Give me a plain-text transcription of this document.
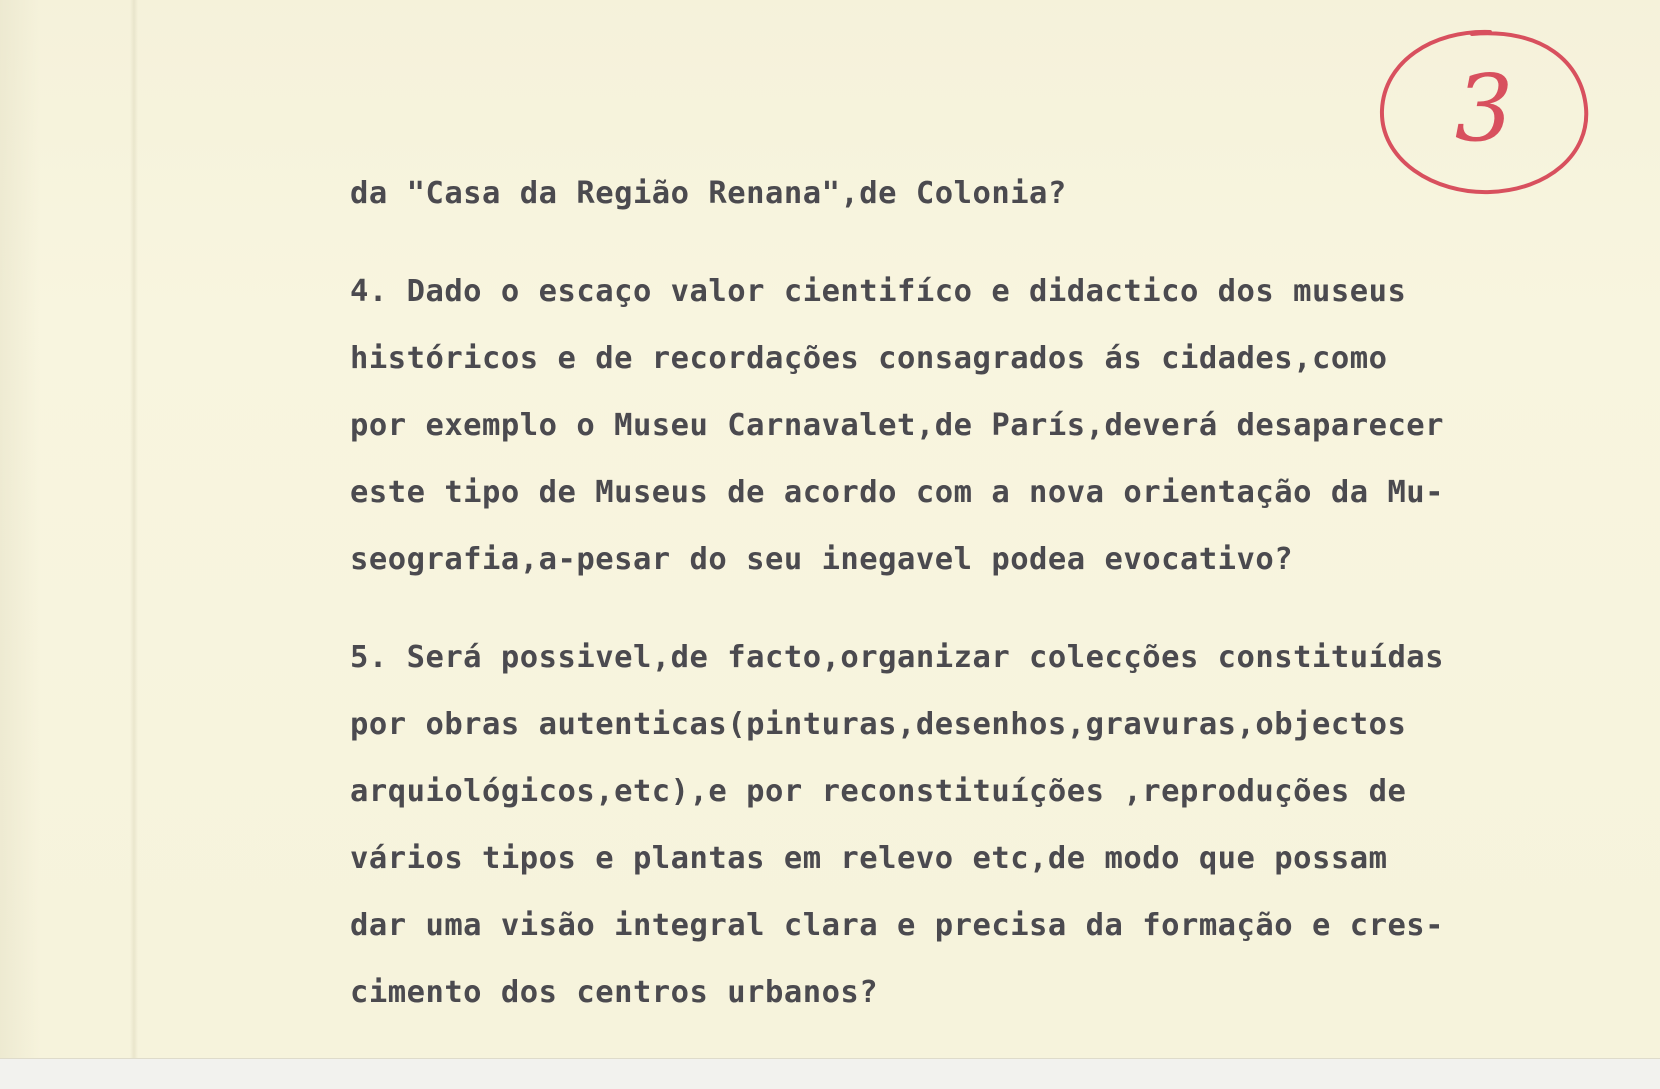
3
da "Casa da Região Renana",de Colonia?
4. Dado o escaço valor cientifíco e didactico dos museus
históricos e de recordações consagrados ás cidades,como
por exemplo o Museu Carnavalet,de París,deverá desaparecer
este tipo de Museus de acordo com a nova orientação da Mu-
seografia,a-pesar do seu inegavel podea evocativo?
5. Será possivel,de facto,organizar colecções constituídas
por obras autenticas(pinturas,desenhos,gravuras,objectos
arquiológicos,etc),e por reconstituíções ,reproduções de
vários tipos e plantas em relevo etc,de modo que possam
dar uma visão integral clara e precisa da formação e cres-
cimento dos centros urbanos?
